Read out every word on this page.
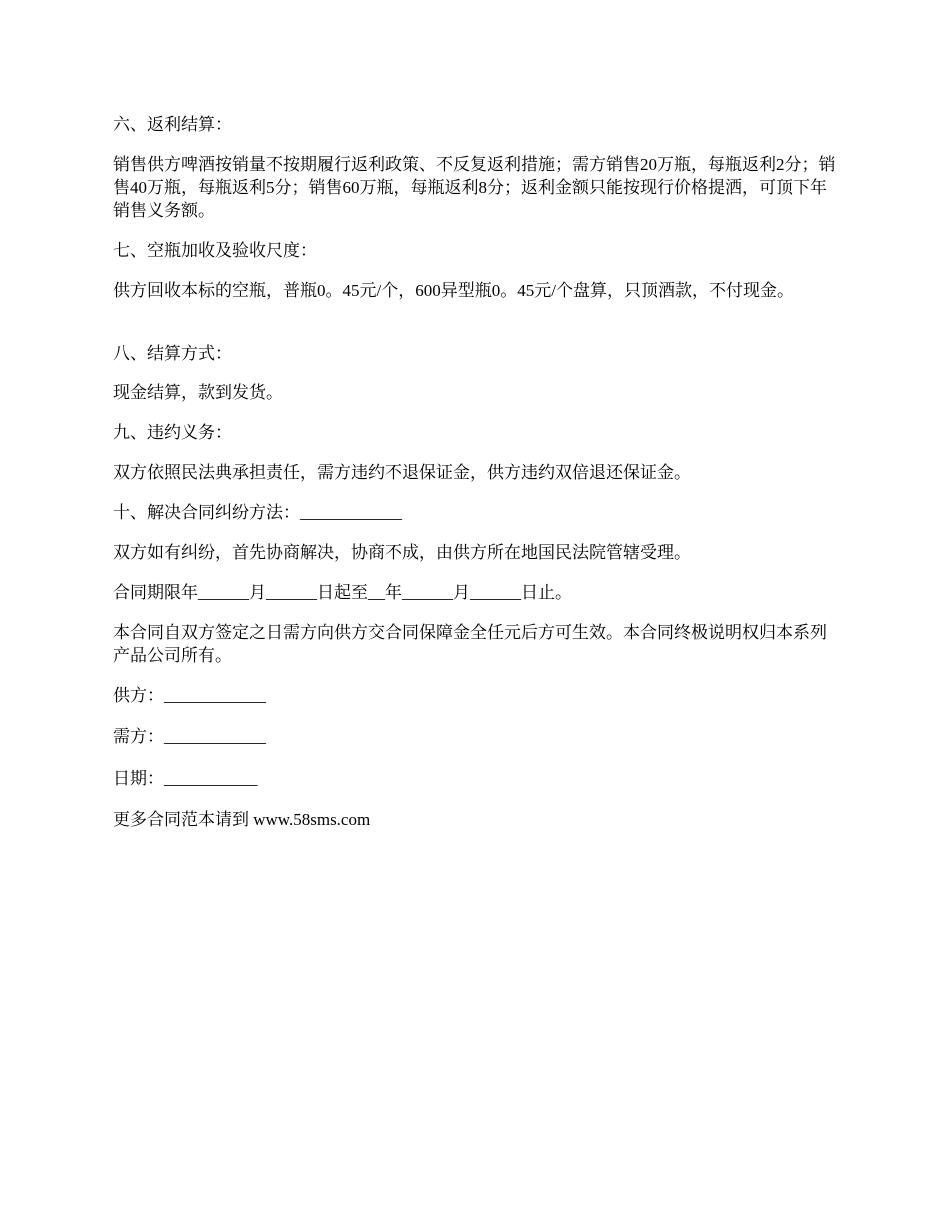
六、返利结算：

销售供方啤酒按销量不按期履行返利政策、不反复返利措施；需方销售20万瓶，每瓶返利2分；销售40万瓶，每瓶返利5分；销售60万瓶，每瓶返利8分；返利金额只能按现行价格提洒，可顶下年销售义务额。

七、空瓶加收及验收尺度：

供方回收本标的空瓶，普瓶0。45元/个，600异型瓶0。45元/个盘算，只顶酒款，不付现金。

八、结算方式：

现金结算，款到发货。

九、违约义务：

双方依照民法典承担责任，需方违约不退保证金，供方违约双倍退还保证金。

十、解决合同纠纷方法：____________

双方如有纠纷，首先协商解决，协商不成，由供方所在地国民法院管辖受理。

合同期限年______月______日起至__年______月______日止。

本合同自双方签定之日需方向供方交合同保障金全任元后方可生效。本合同终极说明权归本系列产品公司所有。

供方：____________

需方：____________

日期：___________

更多合同范本请到 www.58sms.com
